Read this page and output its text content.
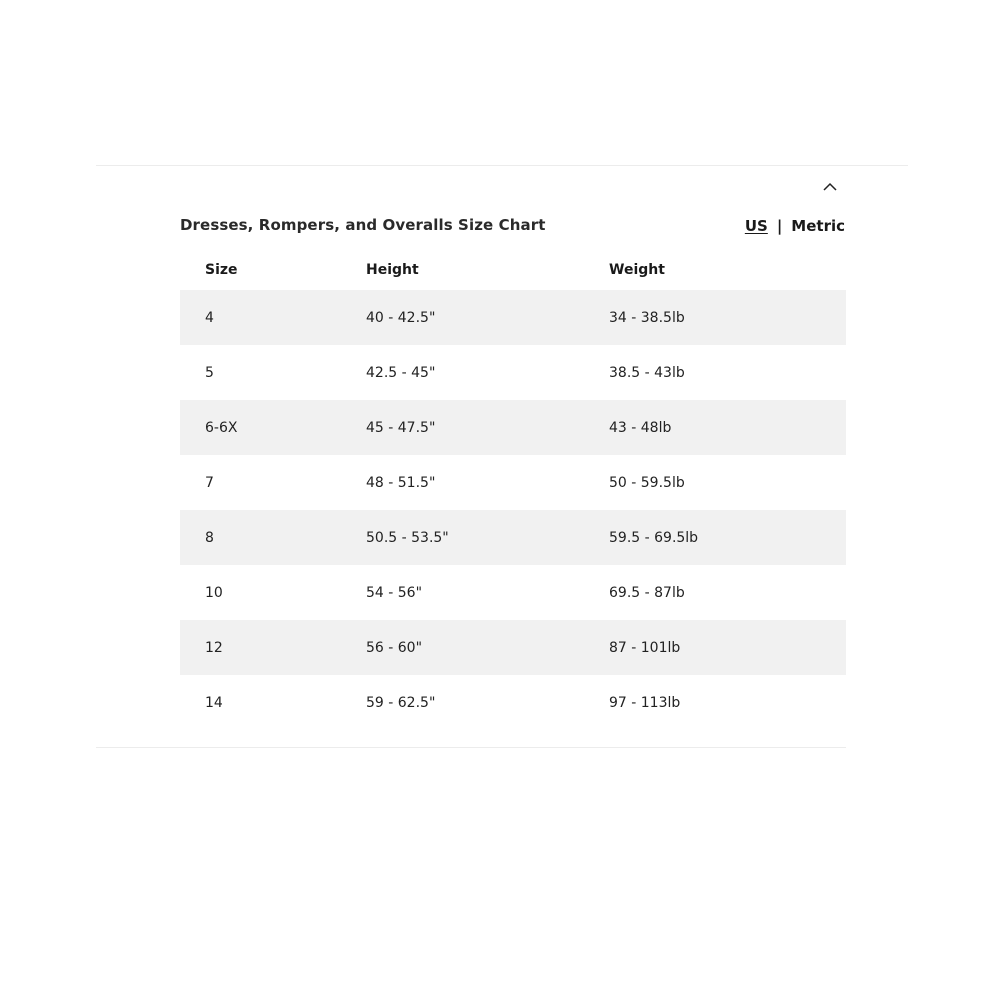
Dresses, Rompers, and Overalls Size Chart	US | Metric
Size	Height	Weight
4	40 - 42.5"	34 - 38.5lb
5	42.5 - 45"	38.5 - 43lb
6-6X	45 - 47.5"	43 - 48lb
7	48 - 51.5"	50 - 59.5lb
8	50.5 - 53.5"	59.5 - 69.5lb
10	54 - 56"	69.5 - 87lb
12	56 - 60"	87 - 101lb
14	59 - 62.5"	97 - 113lb
